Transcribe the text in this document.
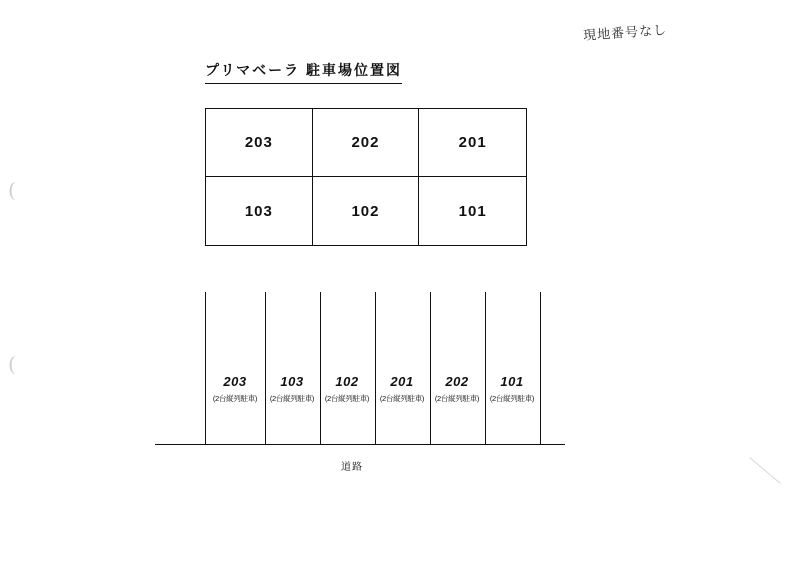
現地番号なし
(
(
プリマベーラ 駐車場位置図
203	202	201
103	102	101
203
(2台縦列駐車)
103
(2台縦列駐車)
102
(2台縦列駐車)
201
(2台縦列駐車)
202
(2台縦列駐車)
101
(2台縦列駐車)
道路
